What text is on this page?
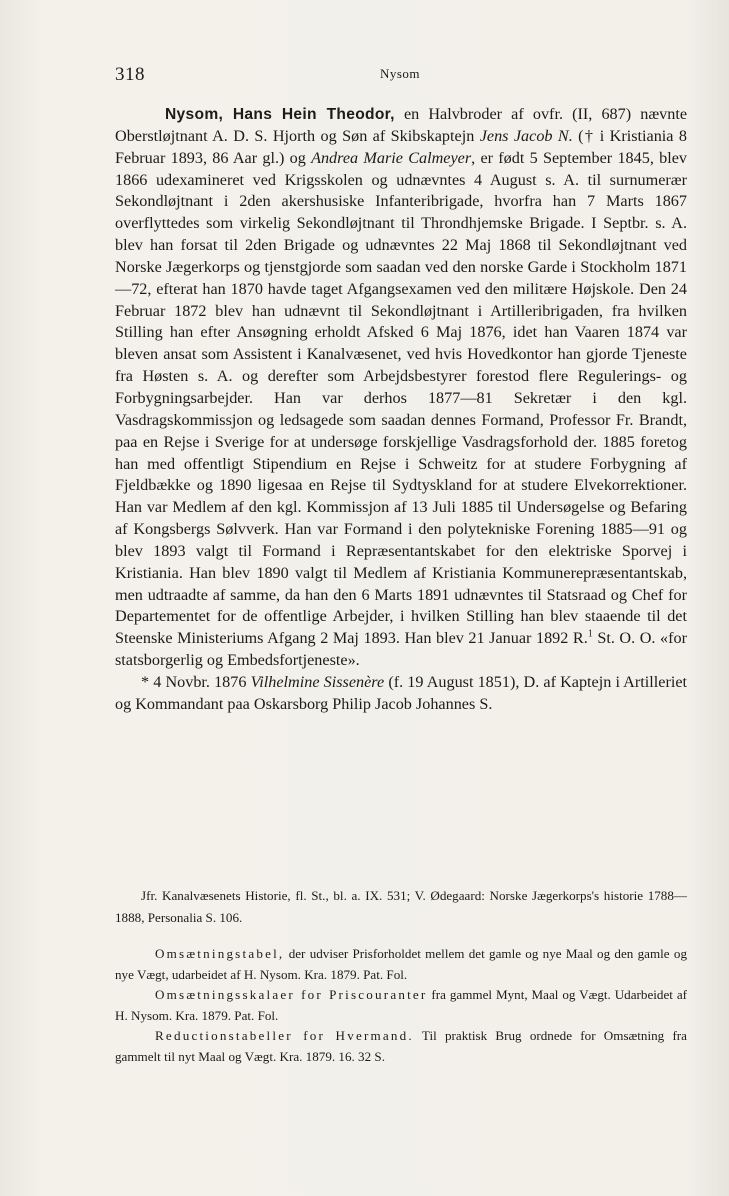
318	Nysom

Nysom, Hans Hein Theodor, en Halvbroder af ovfr. (II, 687) nævnte Oberstløjtnant A. D. S. Hjorth og Søn af Skibskaptejn Jens Jacob N. († i Kristiania 8 Februar 1893, 86 Aar gl.) og Andrea Marie Calmeyer, er født 5 September 1845, blev 1866 udexamineret ved Krigsskolen og udnævntes 4 August s. A. til surnumerær Sekondløjtnant i 2den akershusiske Infanteribrigade, hvorfra han 7 Marts 1867 overflyttedes som virkelig Sekondløjtnant til Throndhjemske Brigade. I Septbr. s. A. blev han forsat til 2den Brigade og udnævntes 22 Maj 1868 til Sekondløjtnant ved Norske Jægerkorps og tjenstgjorde som saadan ved den norske Garde i Stockholm 1871—72, efterat han 1870 havde taget Afgangsexamen ved den militære Højskole. Den 24 Februar 1872 blev han udnævnt til Sekondløjtnant i Artilleribrigaden, fra hvilken Stilling han efter Ansøgning erholdt Afsked 6 Maj 1876, idet han Vaaren 1874 var bleven ansat som Assistent i Kanalvæsenet, ved hvis Hovedkontor han gjorde Tjeneste fra Høsten s. A. og derefter som Arbejdsbestyrer forestod flere Regulerings- og Forbygningsarbejder. Han var derhos 1877—81 Sekretær i den kgl. Vasdragskommissjon og ledsagede som saadan dennes Formand, Professor Fr. Brandt, paa en Rejse i Sverige for at undersøge forskjellige Vasdragsforhold der. 1885 foretog han med offentligt Stipendium en Rejse i Schweitz for at studere Forbygning af Fjeldbække og 1890 ligesaa en Rejse til Sydtyskland for at studere Elvekorrektioner. Han var Medlem af den kgl. Kommissjon af 13 Juli 1885 til Undersøgelse og Befaring af Kongsbergs Sølvverk. Han var Formand i den polytekniske Forening 1885—91 og blev 1893 valgt til Formand i Repræsentantskabet for den elektriske Sporvej i Kristiania. Han blev 1890 valgt til Medlem af Kristiania Kommunerepræsentantskab, men udtraadte af samme, da han den 6 Marts 1891 udnævntes til Statsraad og Chef for Departementet for de offentlige Arbejder, i hvilken Stilling han blev staaende til det Steenske Ministeriums Afgang 2 Maj 1893. Han blev 21 Januar 1892 R.$^1$ St. O. O. «for statsborgerlig og Embedsfortjeneste».

* 4 Novbr. 1876 Vilhelmine Sissenère (f. 19 August 1851), D. af Kaptejn i Artilleriet og Kommandant paa Oskarsborg Philip Jacob Johannes S.

Jfr. Kanalvæsenets Historie, fl. St., bl. a. IX. 531; V. Ødegaard: Norske Jægerkorps's historie 1788—1888, Personalia S. 106.

Omsætningstabel, der udviser Prisforholdet mellem det gamle og nye Maal og den gamle og nye Vægt, udarbeidet af H. Nysom. Kra. 1879. Pat. Fol.

Omsætningsskalaer for Priscouranter fra gammel Mynt, Maal og Vægt. Udarbeidet af H. Nysom. Kra. 1879. Pat. Fol.

Reductionstabeller for Hvermand. Til praktisk Brug ordnede for Omsætning fra gammelt til nyt Maal og Vægt. Kra. 1879. 16. 32 S.
